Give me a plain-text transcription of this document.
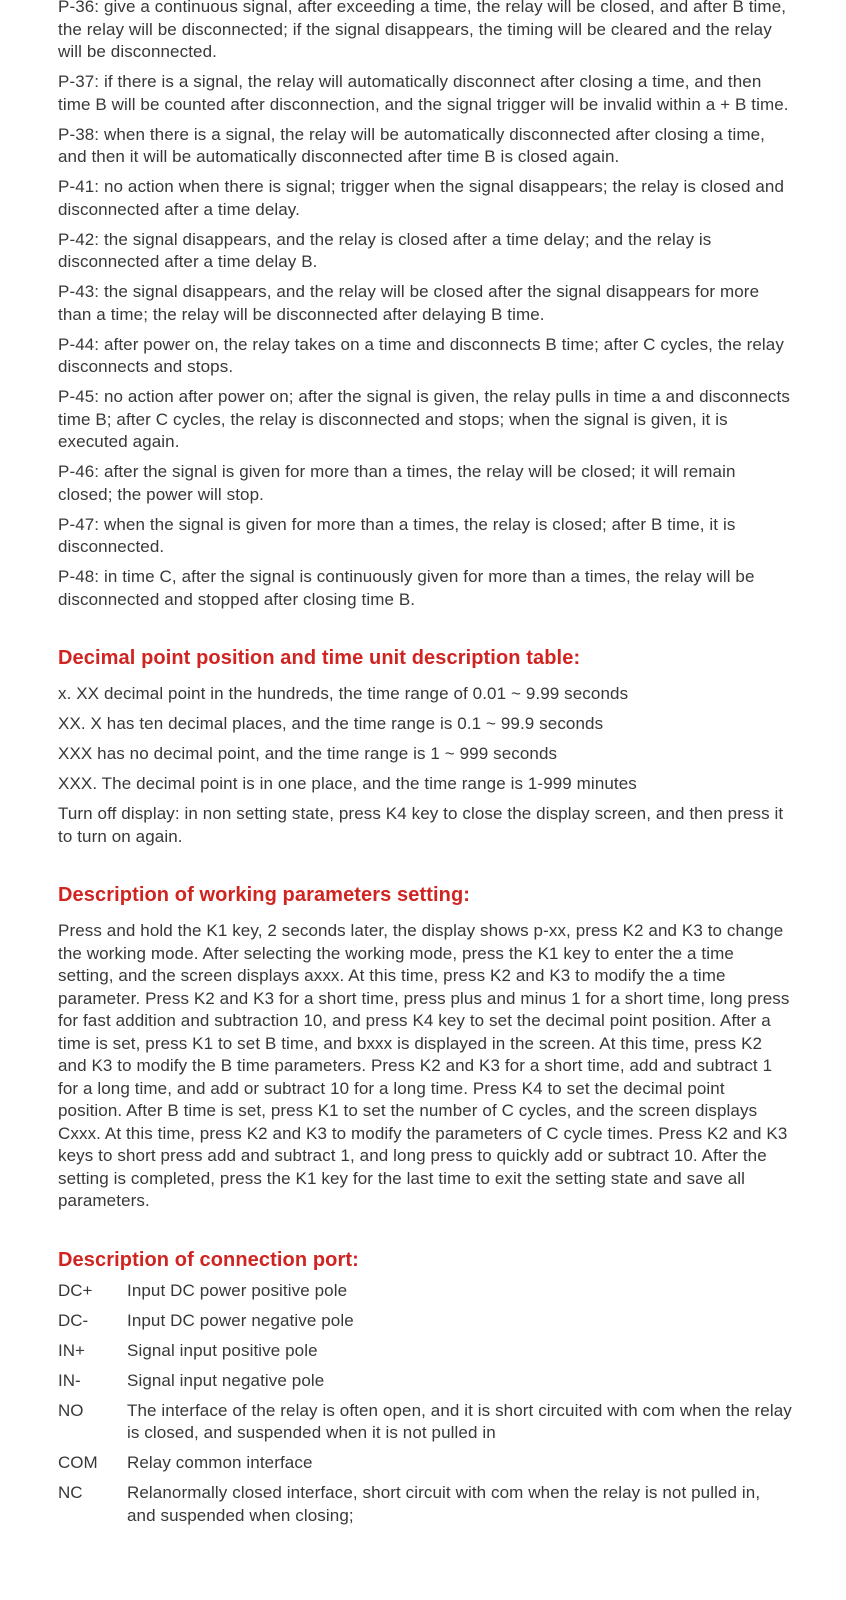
P-36: give a continuous signal, after exceeding a time, the relay will be closed, and after B time, the relay will be disconnected; if the signal disappears, the timing will be cleared and the relay will be disconnected.

P-37: if there is a signal, the relay will automatically disconnect after closing a time, and then time B will be counted after disconnection, and the signal trigger will be invalid within a + B time.

P-38: when there is a signal, the relay will be automatically disconnected after closing a time, and then it will be automatically disconnected after time B is closed again.

P-41: no action when there is signal; trigger when the signal disappears; the relay is closed and disconnected after a time delay.

P-42: the signal disappears, and the relay is closed after a time delay; and the relay is disconnected after a time delay B.

P-43: the signal disappears, and the relay will be closed after the signal disappears for more than a time; the relay will be disconnected after delaying B time.

P-44: after power on, the relay takes on a time and disconnects B time; after C cycles, the relay disconnects and stops.

P-45: no action after power on; after the signal is given, the relay pulls in time a and disconnects time B; after C cycles, the relay is disconnected and stops; when the signal is given, it is executed again.

P-46: after the signal is given for more than a times, the relay will be closed; it will remain closed; the power will stop.

P-47: when the signal is given for more than a times, the relay is closed; after B time, it is disconnected.

P-48: in time C, after the signal is continuously given for more than a times, the relay will be disconnected and stopped after closing time B.

Decimal point position and time unit description table:

x. XX decimal point in the hundreds, the time range of 0.01 ~ 9.99 seconds

XX. X has ten decimal places, and the time range is 0.1 ~ 99.9 seconds

XXX has no decimal point, and the time range is 1 ~ 999 seconds

XXX. The decimal point is in one place, and the time range is 1-999 minutes

Turn off display: in non setting state, press K4 key to close the display screen, and then press it to turn on again.

Description of working parameters setting:

Press and hold the K1 key, 2 seconds later, the display shows p-xx, press K2 and K3 to change the working mode. After selecting the working mode, press the K1 key to enter the a time setting, and the screen displays axxx. At this time, press K2 and K3 to modify the a time parameter. Press K2 and K3 for a short time, press plus and minus 1 for a short time, long press for fast addition and subtraction 10, and press K4 key to set the decimal point position. After a time is set, press K1 to set B time, and bxxx is displayed in the screen. At this time, press K2 and K3 to modify the B time parameters. Press K2 and K3 for a short time, add and subtract 1 for a long time, and add or subtract 10 for a long time. Press K4 to set the decimal point position. After B time is set, press K1 to set the number of C cycles, and the screen displays Cxxx. At this time, press K2 and K3 to modify the parameters of C cycle times. Press K2 and K3 keys to short press add and subtract 1, and long press to quickly add or subtract 10. After the setting is completed, press the K1 key for the last time to exit the setting state and save all parameters.

Description of connection port:
DC+	Input DC power positive pole
DC-	Input DC power negative pole
IN+	Signal input positive pole
IN-	Signal input negative pole
NO	The interface of the relay is often open, and it is short circuited with com when the relay is closed, and suspended when it is not pulled in
COM	Relay common interface
NC	Relanormally closed interface, short circuit with com when the relay is not pulled in, and suspended when closing;
